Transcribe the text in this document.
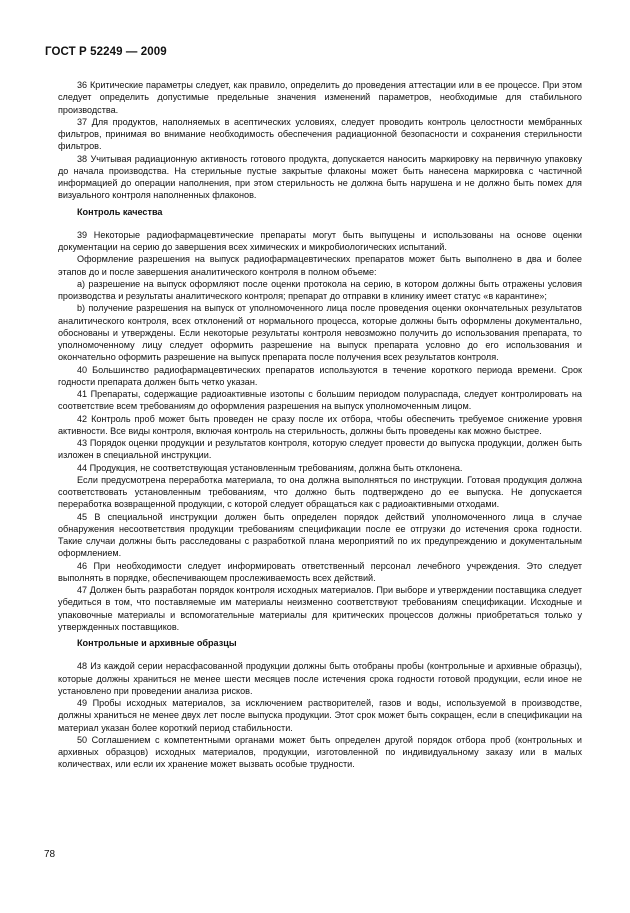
ГОСТ Р 52249 — 2009

36 Критические параметры следует, как правило, определить до проведения аттестации или в ее процессе. При этом следует определить допустимые предельные значения изменений параметров, необходимые для стабильного производства.

37 Для продуктов, наполняемых в асептических условиях, следует проводить контроль целостности мембранных фильтров, принимая во внимание необходимость обеспечения радиационной безопасности и сохранения стерильности фильтров.

38 Учитывая радиационную активность готового продукта, допускается наносить маркировку на первичную упаковку до начала производства. На стерильные пустые закрытые флаконы может быть нанесена маркировка с частичной информацией до операции наполнения, при этом стерильность не должна быть нарушена и не должно быть помех для визуального контроля наполненных флаконов.

Контроль качества

39 Некоторые радиофармацевтические препараты могут быть выпущены и использованы на основе оценки документации на серию до завершения всех химических и микробиологических испытаний.

Оформление разрешения на выпуск радиофармацевтических препаратов может быть выполнено в два и более этапов до и после завершения аналитического контроля в полном объеме:

а) разрешение на выпуск оформляют после оценки протокола на серию, в котором должны быть отражены условия производства и результаты аналитического контроля; препарат до отправки в клинику имеет статус «в карантине»;

b) получение разрешения на выпуск от уполномоченного лица после проведения оценки окончательных результатов аналитического контроля, всех отклонений от нормального процесса, которые должны быть оформлены документально, обоснованы и утверждены. Если некоторые результаты контроля невозможно получить до использования препарата, то уполномоченному лицу следует оформить разрешение на выпуск препарата условно до его использования и окончательно оформить разрешение на выпуск препарата после получения всех результатов контроля.

40 Большинство радиофармацевтических препаратов используются в течение короткого периода времени. Срок годности препарата должен быть четко указан.

41 Препараты, содержащие радиоактивные изотопы с большим периодом полураспада, следует контролировать на соответствие всем требованиям до оформления разрешения на выпуск уполномоченным лицом.

42 Контроль проб может быть проведен не сразу после их отбора, чтобы обеспечить требуемое снижение уровня активности. Все виды контроля, включая контроль на стерильность, должны быть проведены как можно быстрее.

43 Порядок оценки продукции и результатов контроля, которую следует провести до выпуска продукции, должен быть изложен в специальной инструкции.

44 Продукция, не соответствующая установленным требованиям, должна быть отклонена.

Если предусмотрена переработка материала, то она должна выполняться по инструкции. Готовая продукция должна соответствовать установленным требованиям, что должно быть подтверждено до ее выпуска. Не допускается переработка возвращенной продукции, с которой следует обращаться как с радиоактивными отходами.

45 В специальной инструкции должен быть определен порядок действий уполномоченного лица в случае обнаружения несоответствия продукции требованиям спецификации после ее отгрузки до истечения срока годности. Такие случаи должны быть расследованы с разработкой плана мероприятий по их предупреждению и документальным оформлением.

46 При необходимости следует информировать ответственный персонал лечебного учреждения. Это следует выполнять в порядке, обеспечивающем прослеживаемость всех действий.

47 Должен быть разработан порядок контроля исходных материалов. При выборе и утверждении поставщика следует убедиться в том, что поставляемые им материалы неизменно соответствуют требованиям спецификации. Исходные и упаковочные материалы и вспомогательные материалы для критических процессов должны приобретаться только у утвержденных поставщиков.

Контрольные и архивные образцы

48 Из каждой серии нерасфасованной продукции должны быть отобраны пробы (контрольные и архивные образцы), которые должны храниться не менее шести месяцев после истечения срока годности готовой продукции, если иное не установлено при проведении анализа рисков.

49 Пробы исходных материалов, за исключением растворителей, газов и воды, используемой в производстве, должны храниться не менее двух лет после выпуска продукции. Этот срок может быть сокращен, если в спецификации на материал указан более короткий период стабильности.

50 Соглашением с компетентными органами может быть определен другой порядок отбора проб (контрольных и архивных образцов) исходных материалов, продукции, изготовленной по индивидуальному заказу или в малых количествах, или если их хранение может вызвать особые трудности.

78
